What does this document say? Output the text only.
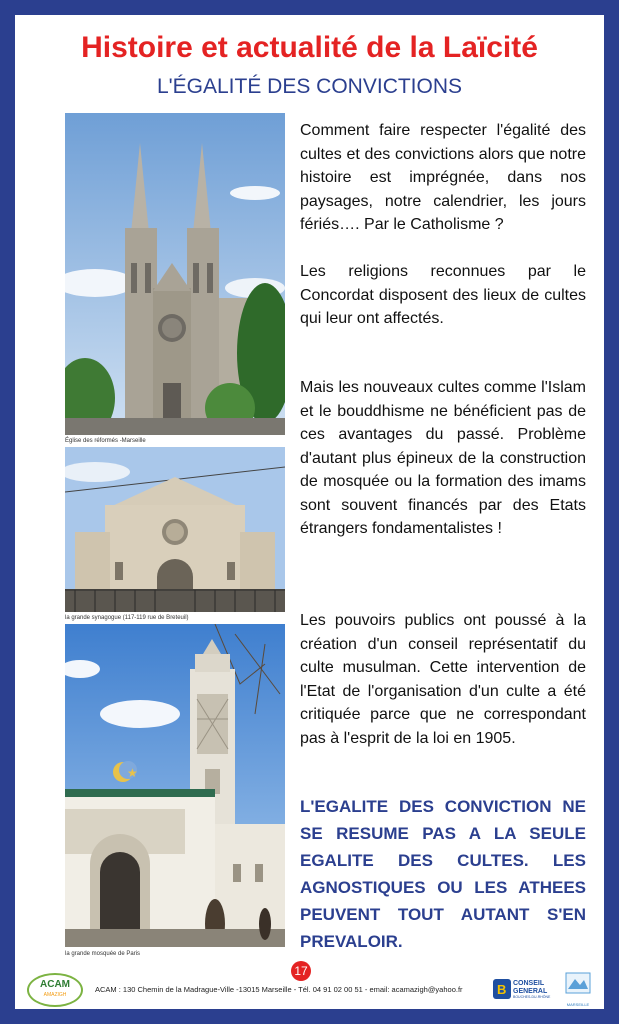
Histoire et actualité de la Laïcité
L'ÉGALITÉ DES CONVICTIONS
Église des réformés -Marseille
la grande synagogue (117-119 rue de Breteuil)
★
la grande mosquée de Paris

Comment faire respecter l'égalité des cultes et des convictions alors que notre histoire est imprégnée, dans nos paysages, notre calendrier, les jours fériés…. Par le Catholisme ?

Les religions reconnues par le Concordat disposent des lieux de cultes qui leur ont affectés.

Mais les nouveaux cultes comme l'Islam et le bouddhisme ne bénéficient pas de ces avantages du passé. Problème d'autant plus épineux de la construction de mosquée ou la formation des imams sont souvent financés par des Etats étrangers fondamentalistes !

Les pouvoirs publics ont poussé à la création d'un conseil représentatif du culte musulman. Cette intervention de l'Etat de l'organisation d'un culte a été critiquée parce que ne correspondant pas à l'esprit de la loi en 1905.

L'EGALITE DES CONVICTION NE SE RESUME PAS A LA SEULE EGALITE DES CULTES. LES AGNOSTIQUES OU LES ATHEES PEUVENT TOUT AUTANT S'EN PREVALOIR.

ACAM
AMAZIGH
17
ACAM : 130 Chemin de la Madrague-Ville -13015 Marseille - Tél. 04 91 02 00 51 - email: acamazigh@yahoo.fr	B CONSEIL GENERAL
BOUCHES-DU-RHÔNE
MARSEILLE
